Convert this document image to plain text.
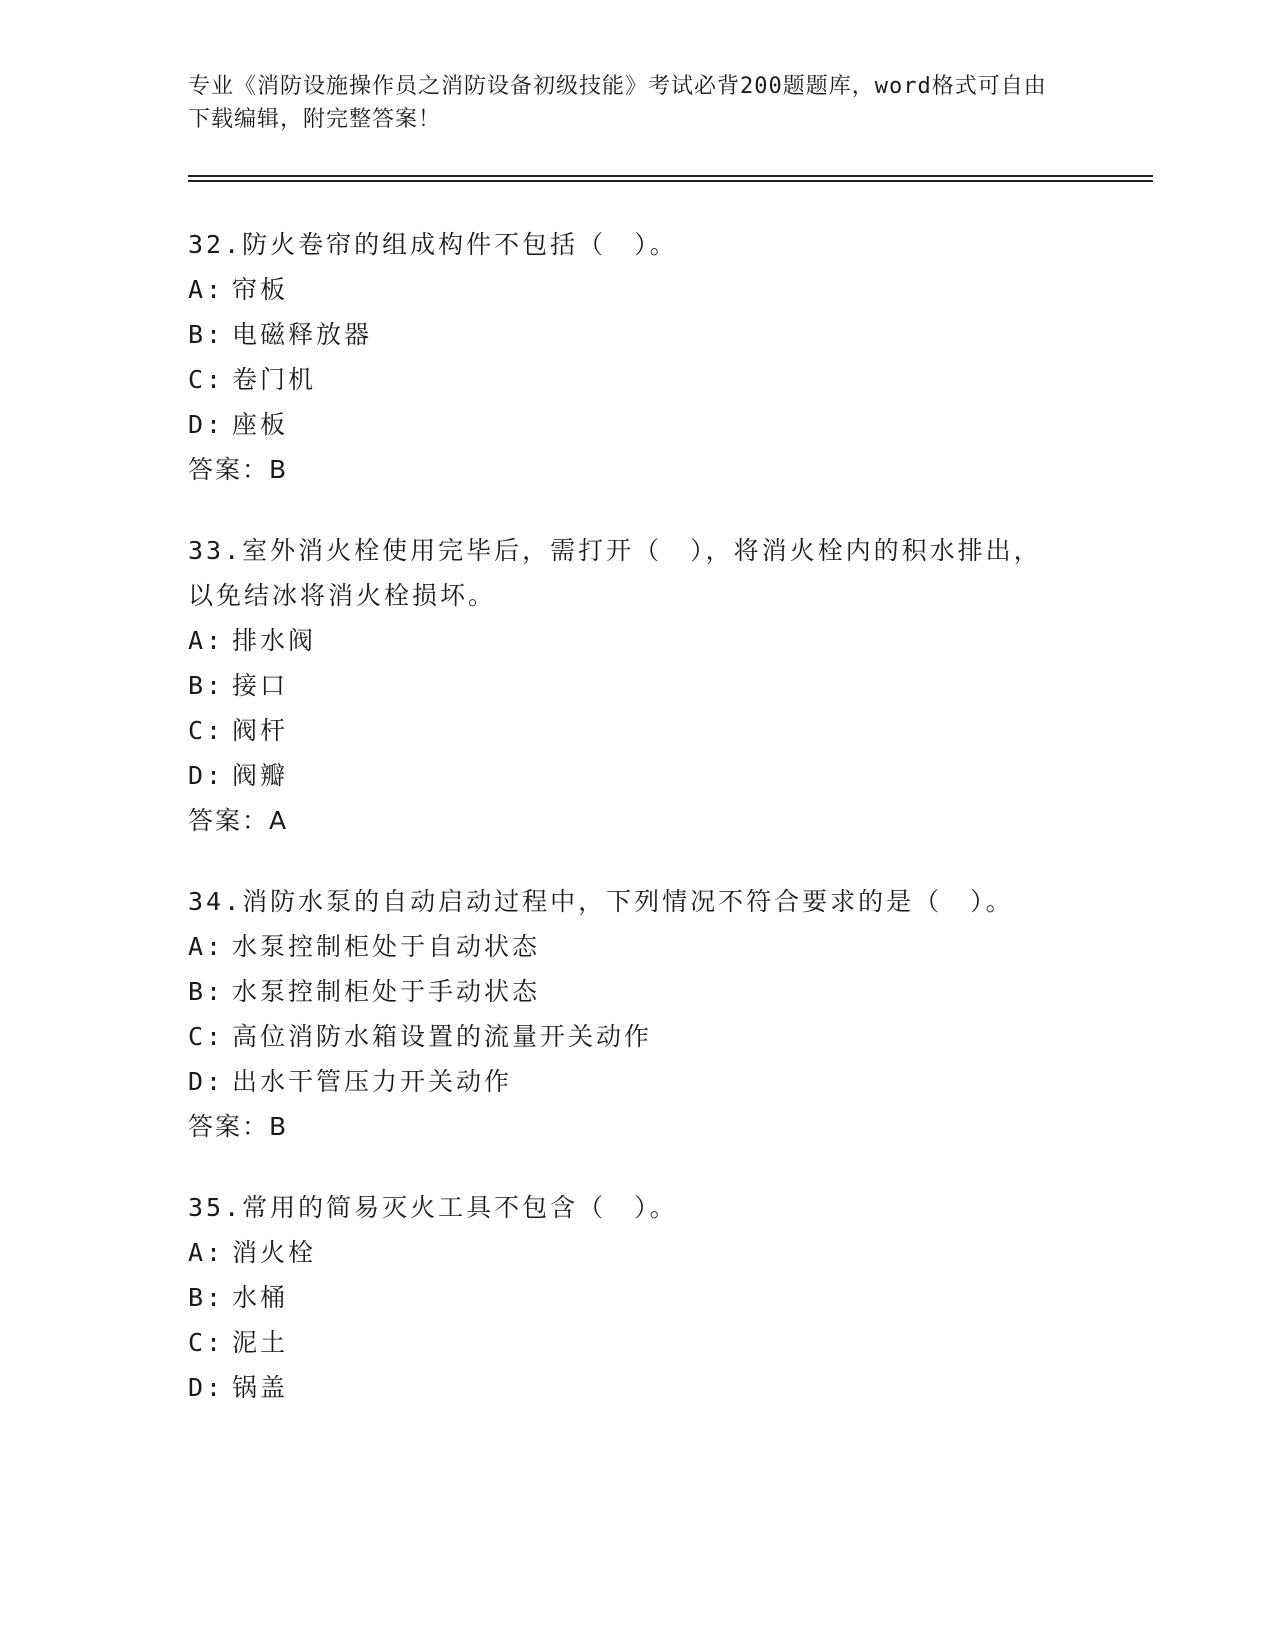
专业《消防设施操作员之消防设备初级技能》考试必背200题题库，word格式可自由下载编辑，附完整答案！

32.防火卷帘的组成构件不包括（　）。

A: 帘板

B: 电磁释放器

C: 卷门机

D: 座板

答案：B

33.室外消火栓使用完毕后，需打开（　），将消火栓内的积水排出，以免结冰将消火栓损坏。

A: 排水阀

B: 接口

C: 阀杆

D: 阀瓣

答案：A

34.消防水泵的自动启动过程中，下列情况不符合要求的是（　）。

A: 水泵控制柜处于自动状态

B: 水泵控制柜处于手动状态

C: 高位消防水箱设置的流量开关动作

D: 出水干管压力开关动作

答案：B

35.常用的简易灭火工具不包含（　）。

A: 消火栓

B: 水桶

C: 泥土

D: 锅盖
